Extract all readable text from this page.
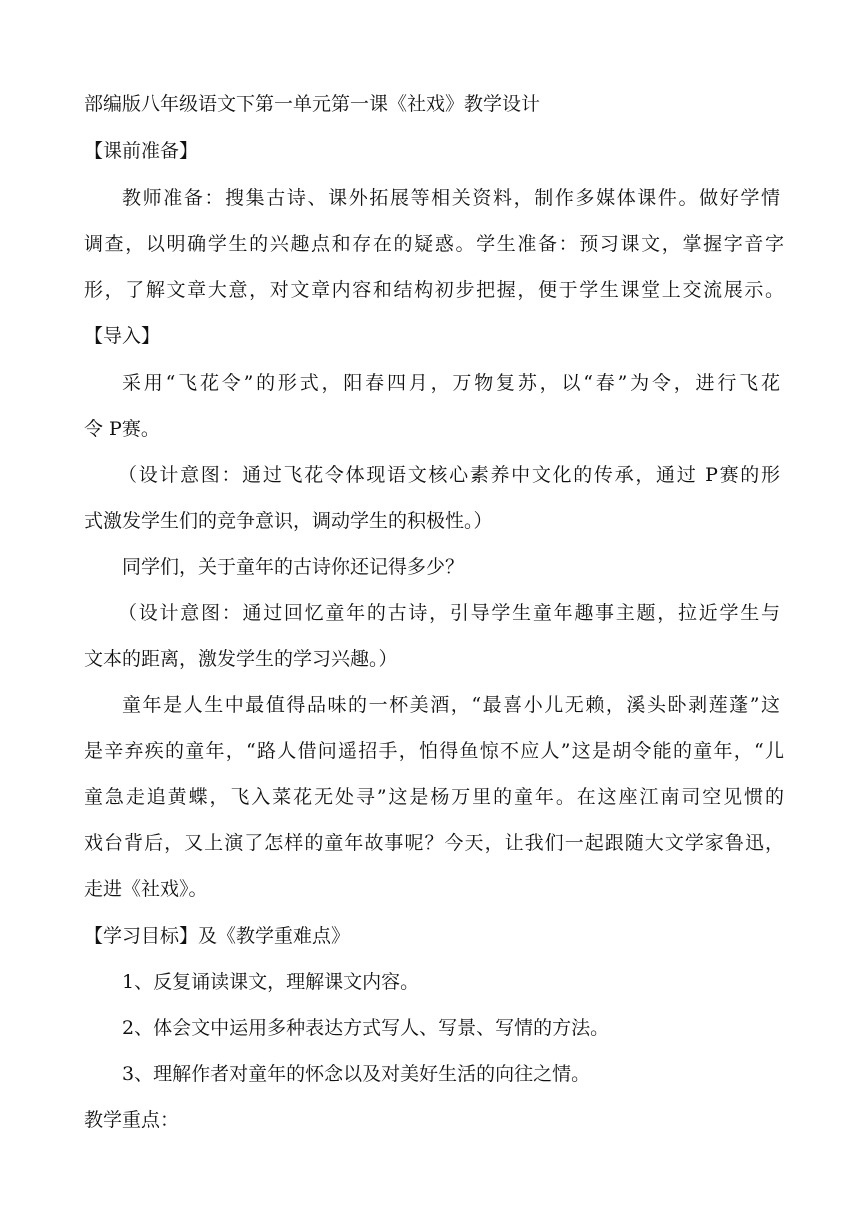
部编版八年级语文下第一单元第一课《社戏》教学设计
【课前准备】
教师准备：搜集古诗、课外拓展等相关资料，制作多媒体课件。做好学情
调查，以明确学生的兴趣点和存在的疑惑。学生准备：预习课文，掌握字音字
形，了解文章大意，对文章内容和结构初步把握，便于学生课堂上交流展示。
【导入】
采用“飞花令”的形式，阳春四月，万物复苏，以“春”为令，进行飞花
令 P赛。
（设计意图：通过飞花令体现语文核心素养中文化的传承，通过 P赛的形
式激发学生们的竞争意识，调动学生的积极性。）
同学们，关于童年的古诗你还记得多少？
（设计意图：通过回忆童年的古诗，引导学生童年趣事主题，拉近学生与
文本的距离，激发学生的学习兴趣。）
童年是人生中最值得品味的一杯美酒，“最喜小儿无赖，溪头卧剥莲蓬”这
是辛弃疾的童年，“路人借问遥招手，怕得鱼惊不应人”这是胡令能的童年，“儿
童急走追黄蝶，飞入菜花无处寻”这是杨万里的童年。在这座江南司空见惯的
戏台背后，又上演了怎样的童年故事呢？今天，让我们一起跟随大文学家鲁迅，
走进《社戏》。
【学习目标】及《教学重难点》
1、反复诵读课文，理解课文内容。
2、体会文中运用多种表达方式写人、写景、写情的方法。
3、理解作者对童年的怀念以及对美好生活的向往之情。
教学重点：
